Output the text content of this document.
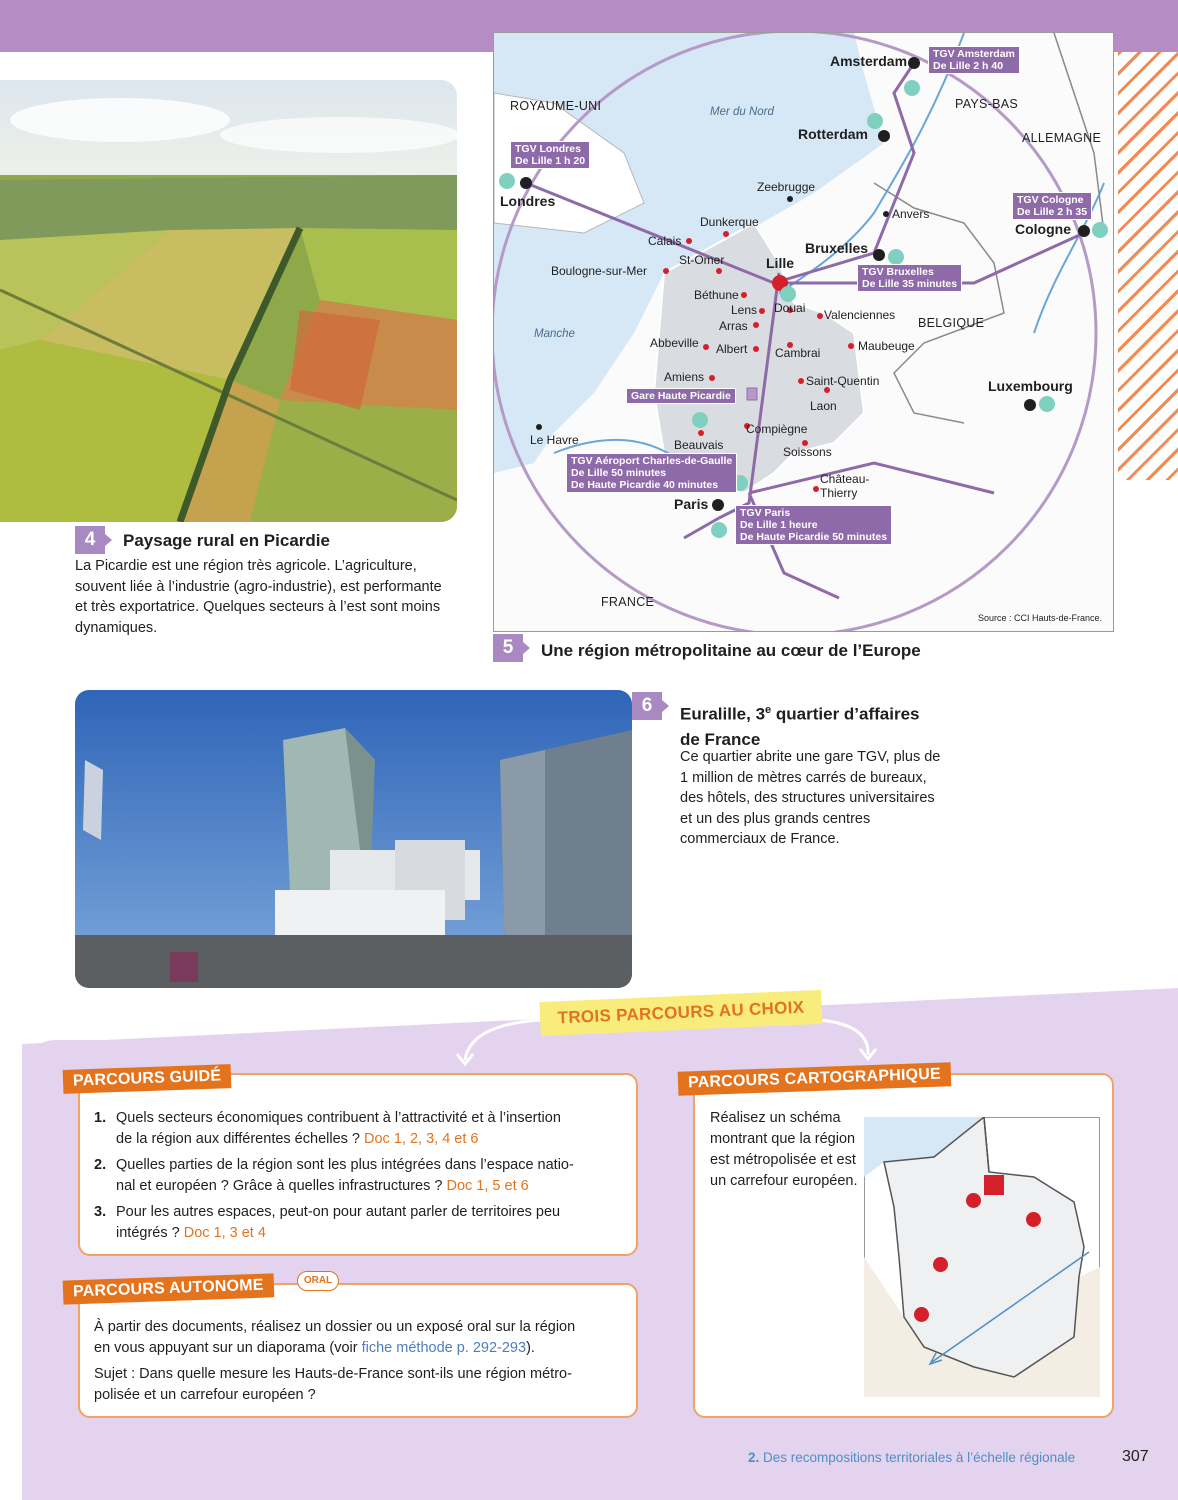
4	Paysage rural en Picardie
La Picardie est une région très agricole. L’agriculture, souvent liée à l’industrie (agro-industrie), est performante et très exportatrice. Quelques secteurs à l’est sont moins dynamiques.
ROYAUME-UNI	PAYS-BAS
ALLEMAGNE
BELGIQUE
FRANCE
Mer du Nord
Manche
Amsterdam
Rotterdam
Londres
Bruxelles
Cologne
Lille
Paris
Luxembourg
Zeebrugge
Anvers
Dunkerque
Calais
St-Omer
Boulogne-sur-Mer
Béthune
Lens Douai
Arras
Valenciennes
Abbeville Albert Cambrai	Maubeuge
Amiens	Saint-Quentin
Laon
Compiègne
Beauvais	Soissons
Le Havre
Château-
Thierry
TGV Amsterdam
De Lille 2 h 40
TGV Londres
De Lille 1 h 20
TGV Cologne
De Lille 2 h 35
TGV Bruxelles
De Lille 35 minutes
Gare Haute Picardie
TGV Aéroport Charles-de-Gaulle
De Lille 50 minutes
De Haute Picardie 40 minutes
TGV Paris
De Lille 1 heure
De Haute Picardie 50 minutes
Source : CCI Hauts-de-France.
5	Une région métropolitaine au cœur de l’Europe
6	Euralille, 3e quartier d’affaires
de France
Ce quartier abrite une gare TGV, plus de 1 million de mètres carrés de bureaux, des hôtels, des structures universitaires et un des plus grands centres commerciaux de France.
TROIS PARCOURS AU CHOIX
PARCOURS GUIDÉ
1. Quels secteurs économiques contribuent à l’attractivité et à l’insertion
de la région aux différentes échelles ? Doc 1, 2, 3, 4 et 6
2. Quelles parties de la région sont les plus intégrées dans l’espace natio-
nal et européen ? Grâce à quelles infrastructures ? Doc 1, 5 et 6
3. Pour les autres espaces, peut-on pour autant parler de territoires peu
intégrés ? Doc 1, 3 et 4
PARCOURS AUTONOME	ORAL
À partir des documents, réalisez un dossier ou un exposé oral sur la région
en vous appuyant sur un diaporama (voir fiche méthode p. 292-293).
Sujet : Dans quelle mesure les Hauts-de-France sont-ils une région métro-
polisée et un carrefour européen ?
PARCOURS CARTOGRAPHIQUE
Réalisez un schéma montrant que la région est métropolisée et est un carrefour européen.
2. Des recompositions territoriales à l’échelle régionale	307
